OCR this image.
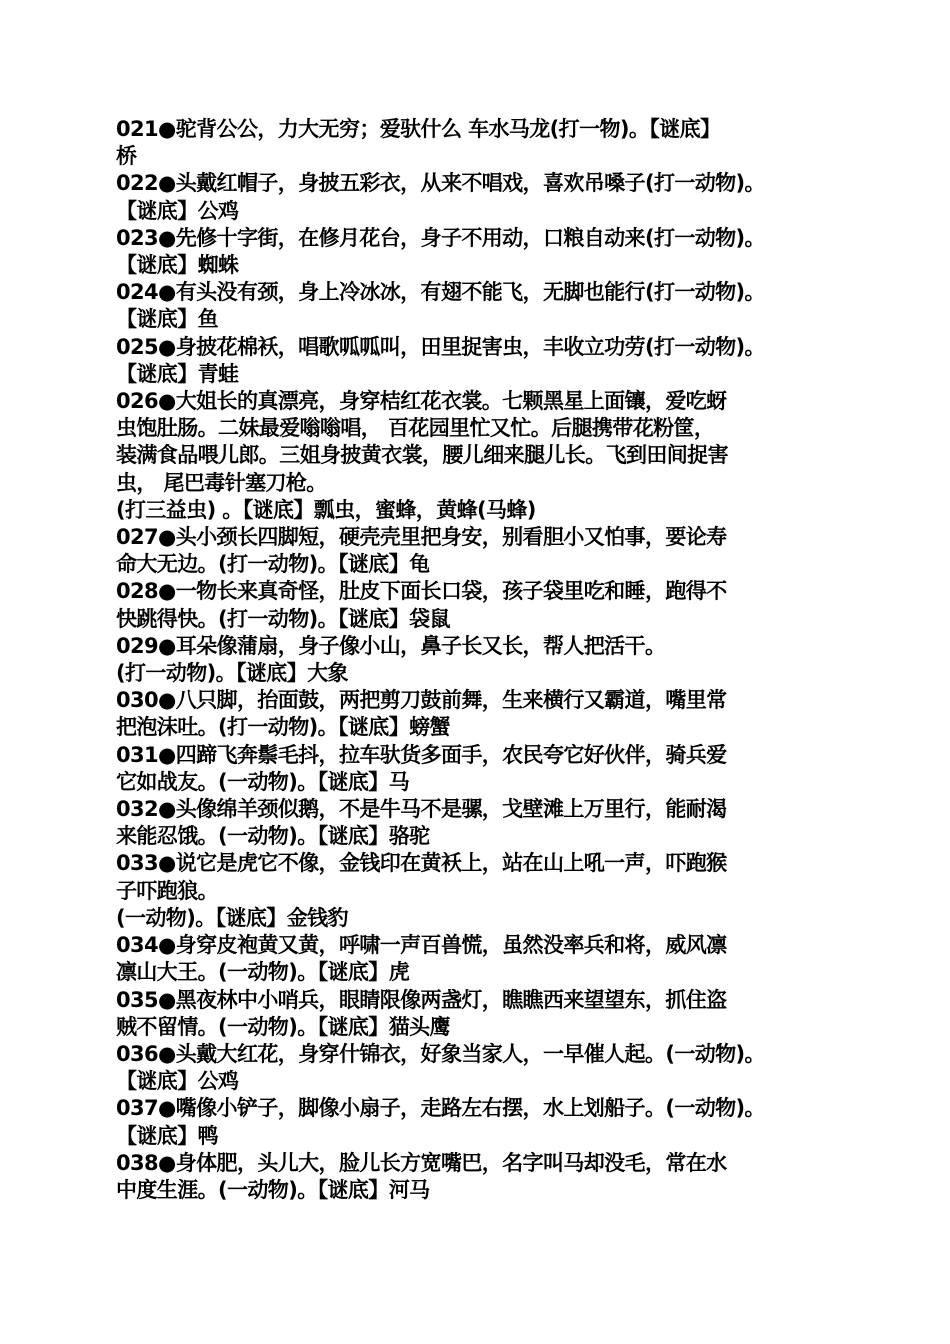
021●驼背公公，力大无穷；爱驮什么 车水马龙(打一物)。【谜底】
桥
022●头戴红帽子，身披五彩衣，从来不唱戏，喜欢吊嗓子(打一动物)。
【谜底】公鸡
023●先修十字街，在修月花台，身子不用动，口粮自动来(打一动物)。
【谜底】蜘蛛
024●有头没有颈，身上冷冰冰，有翅不能飞，无脚也能行(打一动物)。
【谜底】鱼
025●身披花棉袄，唱歌呱呱叫，田里捉害虫，丰收立功劳(打一动物)。
【谜底】青蛙
026●大姐长的真漂亮，身穿桔红花衣裳。七颗黑星上面镶，爱吃蚜
虫饱肚肠。二妹最爱嗡嗡唱， 百花园里忙又忙。后腿携带花粉筐，
装满食品喂儿郎。三姐身披黄衣裳，腰儿细来腿儿长。飞到田间捉害
虫， 尾巴毒针塞刀枪。
(打三益虫) 。【谜底】瓢虫，蜜蜂，黄蜂(马蜂)
027●头小颈长四脚短，硬壳壳里把身安，别看胆小又怕事，要论寿
命大无边。(打一动物)。【谜底】龟
028●一物长来真奇怪，肚皮下面长口袋，孩子袋里吃和睡，跑得不
快跳得快。(打一动物)。【谜底】袋鼠
029●耳朵像蒲扇，身子像小山，鼻子长又长，帮人把活干。
(打一动物)。【谜底】大象
030●八只脚，抬面鼓，两把剪刀鼓前舞，生来横行又霸道，嘴里常
把泡沫吐。(打一动物)。【谜底】螃蟹
031●四蹄飞奔鬃毛抖，拉车驮货多面手，农民夸它好伙伴，骑兵爱
它如战友。(一动物)。【谜底】马
032●头像绵羊颈似鹅，不是牛马不是骡，戈壁滩上万里行，能耐渴
来能忍饿。(一动物)。【谜底】骆驼
033●说它是虎它不像，金钱印在黄袄上，站在山上吼一声，吓跑猴
子吓跑狼。
(一动物)。【谜底】金钱豹
034●身穿皮袍黄又黄，呼啸一声百兽慌，虽然没率兵和将，威风凛
凛山大王。(一动物)。【谜底】虎
035●黑夜林中小哨兵，眼睛限像两盏灯，瞧瞧西来望望东，抓住盗
贼不留情。(一动物)。【谜底】猫头鹰
036●头戴大红花，身穿什锦衣，好象当家人，一早催人起。(一动物)。
【谜底】公鸡
037●嘴像小铲子，脚像小扇子，走路左右摆，水上划船子。(一动物)。
【谜底】鸭
038●身体肥，头儿大，脸儿长方宽嘴巴，名字叫马却没毛，常在水
中度生涯。(一动物)。【谜底】河马
